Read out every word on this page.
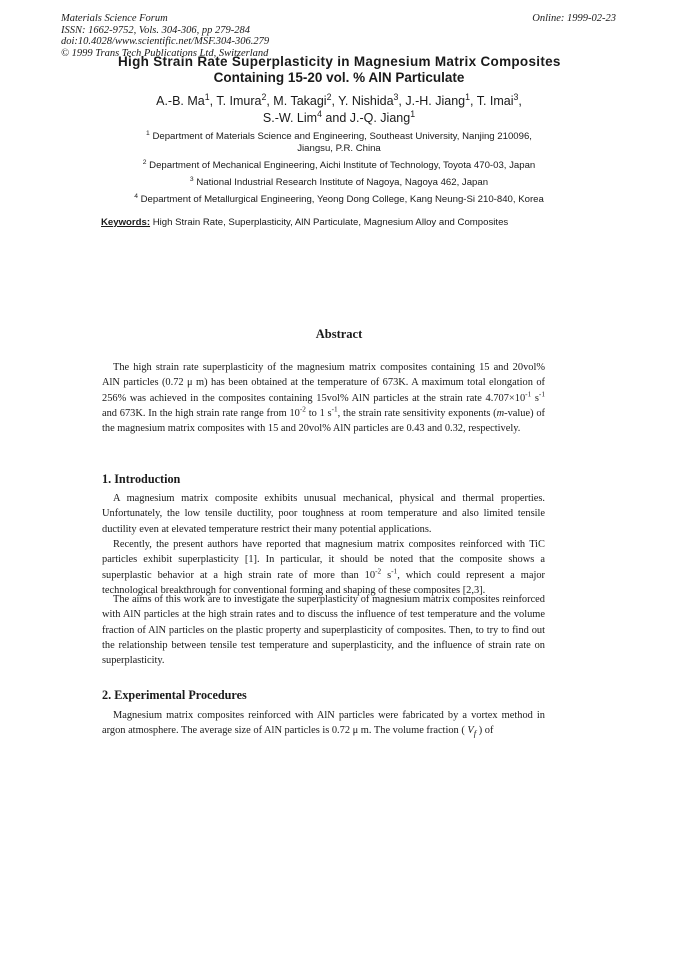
Materials Science Forum
ISSN: 1662-9752, Vols. 304-306, pp 279-284
doi:10.4028/www.scientific.net/MSF.304-306.279
© 1999 Trans Tech Publications Ltd, Switzerland
Online: 1999-02-23
High Strain Rate Superplasticity in Magnesium Matrix Composites
Containing 15-20 vol. % AlN Particulate
A.-B. Ma$^1$, T. Imura$^2$, M. Takagi$^2$, Y. Nishida$^3$, J.-H. Jiang$^1$, T. Imai$^3$,
S.-W. Lim$^4$ and J.-Q. Jiang$^1$
$^1$ Department of Materials Science and Engineering, Southeast University, Nanjing 210096,
Jiangsu, P.R. China
$^2$ Department of Mechanical Engineering, Aichi Institute of Technology, Toyota 470-03, Japan
$^3$ National Industrial Research Institute of Nagoya, Nagoya 462, Japan
$^4$ Department of Metallurgical Engineering, Yeong Dong College, Kang Neung-Si 210-840, Korea
Keywords: High Strain Rate, Superplasticity, AlN Particulate, Magnesium Alloy and Composites
Abstract
The high strain rate superplasticity of the magnesium matrix composites containing 15 and 20vol% AlN particles (0.72 μ m) has been obtained at the temperature of 673K. A maximum total elongation of 256% was achieved in the composites containing 15vol% AlN particles at the strain rate $4.707\times 10^{-1}$ $s^{-1}$ and 673K. In the high strain rate range from $10^{-2}$ to 1 $s^{-1}$, the strain rate sensitivity exponents (m-value) of the magnesium matrix composites with 15 and 20vol% AlN particles are 0.43 and 0.32, respectively.
1. Introduction
A magnesium matrix composite exhibits unusual mechanical, physical and thermal properties. Unfortunately, the low tensile ductility, poor toughness at room temperature and also limited tensile ductility even at elevated temperature restrict their many potential applications.
Recently, the present authors have reported that magnesium matrix composites reinforced with TiC particles exhibit superplasticity [1]. In particular, it should be noted that the composite shows a superplastic behavior at a high strain rate of more than $10^{-2}$ $s^{-1}$, which could represent a major technological breakthrough for conventional forming and shaping of these composites [2,3].
The aims of this work are to investigate the superplasticity of magnesium matrix composites reinforced with AlN particles at the high strain rates and to discuss the influence of test temperature and the volume fraction of AlN particles on the plastic property and superplasticity of composites. Then, to try to find out the relationship between tensile test temperature and superplasticity, and the influence of strain rate on superplasticity.
2. Experimental Procedures
Magnesium matrix composites reinforced with AlN particles were fabricated by a vortex method in argon atmosphere. The average size of AlN particles is 0.72 μ m. The volume fraction ( $V_f$ ) of
